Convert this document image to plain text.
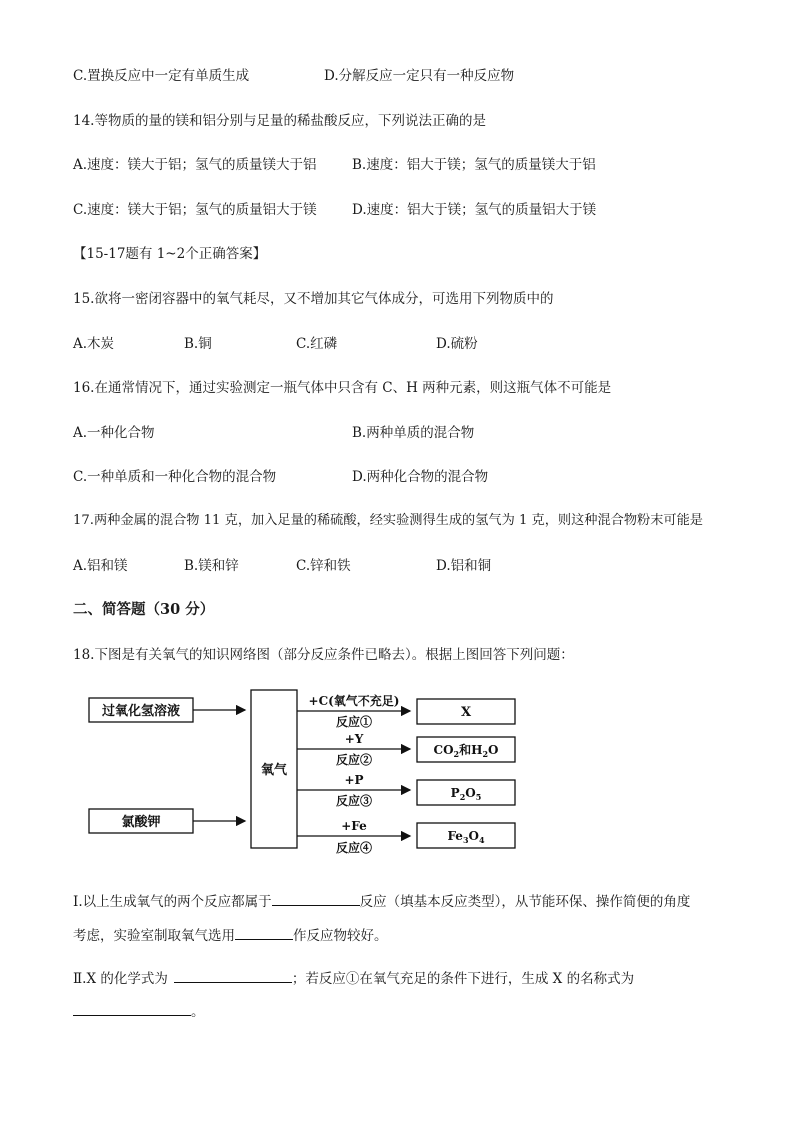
C.置换反应中一定有单质生成	D.分解反应一定只有一种反应物
14.等物质的量的镁和铝分别与足量的稀盐酸反应，下列说法正确的是
A.速度：镁大于铝；氢气的质量镁大于铝	B.速度：铝大于镁；氢气的质量镁大于铝
C.速度：镁大于铝；氢气的质量铝大于镁	D.速度：铝大于镁；氢气的质量铝大于镁
【15-17题有 1~2个正确答案】
15.欲将一密闭容器中的氧气耗尽，又不增加其它气体成分，可选用下列物质中的
A.木炭	B.铜	C.红磷	D.硫粉
16.在通常情况下，通过实验测定一瓶气体中只含有 C、H 两种元素，则这瓶气体不可能是
A.一种化合物	B.两种单质的混合物
C.一种单质和一种化合物的混合物	D.两种化合物的混合物
17.两种金属的混合物 11 克，加入足量的稀硫酸，经实验测得生成的氢气为 1 克，则这种混合物粉末可能是
A.铝和镁	B.镁和锌	C.锌和铁	D.铝和铜
二、简答题（30 分）
18.下图是有关氧气的知识网络图（部分反应条件已略去）。根据上图回答下列问题：
过氧化氢溶液
氯酸钾
氧气
+C(氧气不充足)
反应①
X
+Y
反应②
$CO_2$和$H_2O$
+P
反应③
$P_2O_5$
+Fe
反应④
$Fe_3O_4$
Ⅰ.以上生成氧气的两个反应都属于	反应（填基本反应类型），从节能环保、操作简便的角度
考虑，实验室制取氧气选用	作反应物较好。
Ⅱ.X 的化学式为	；若反应①在氧气充足的条件下进行，生成 X 的名称式为
。
